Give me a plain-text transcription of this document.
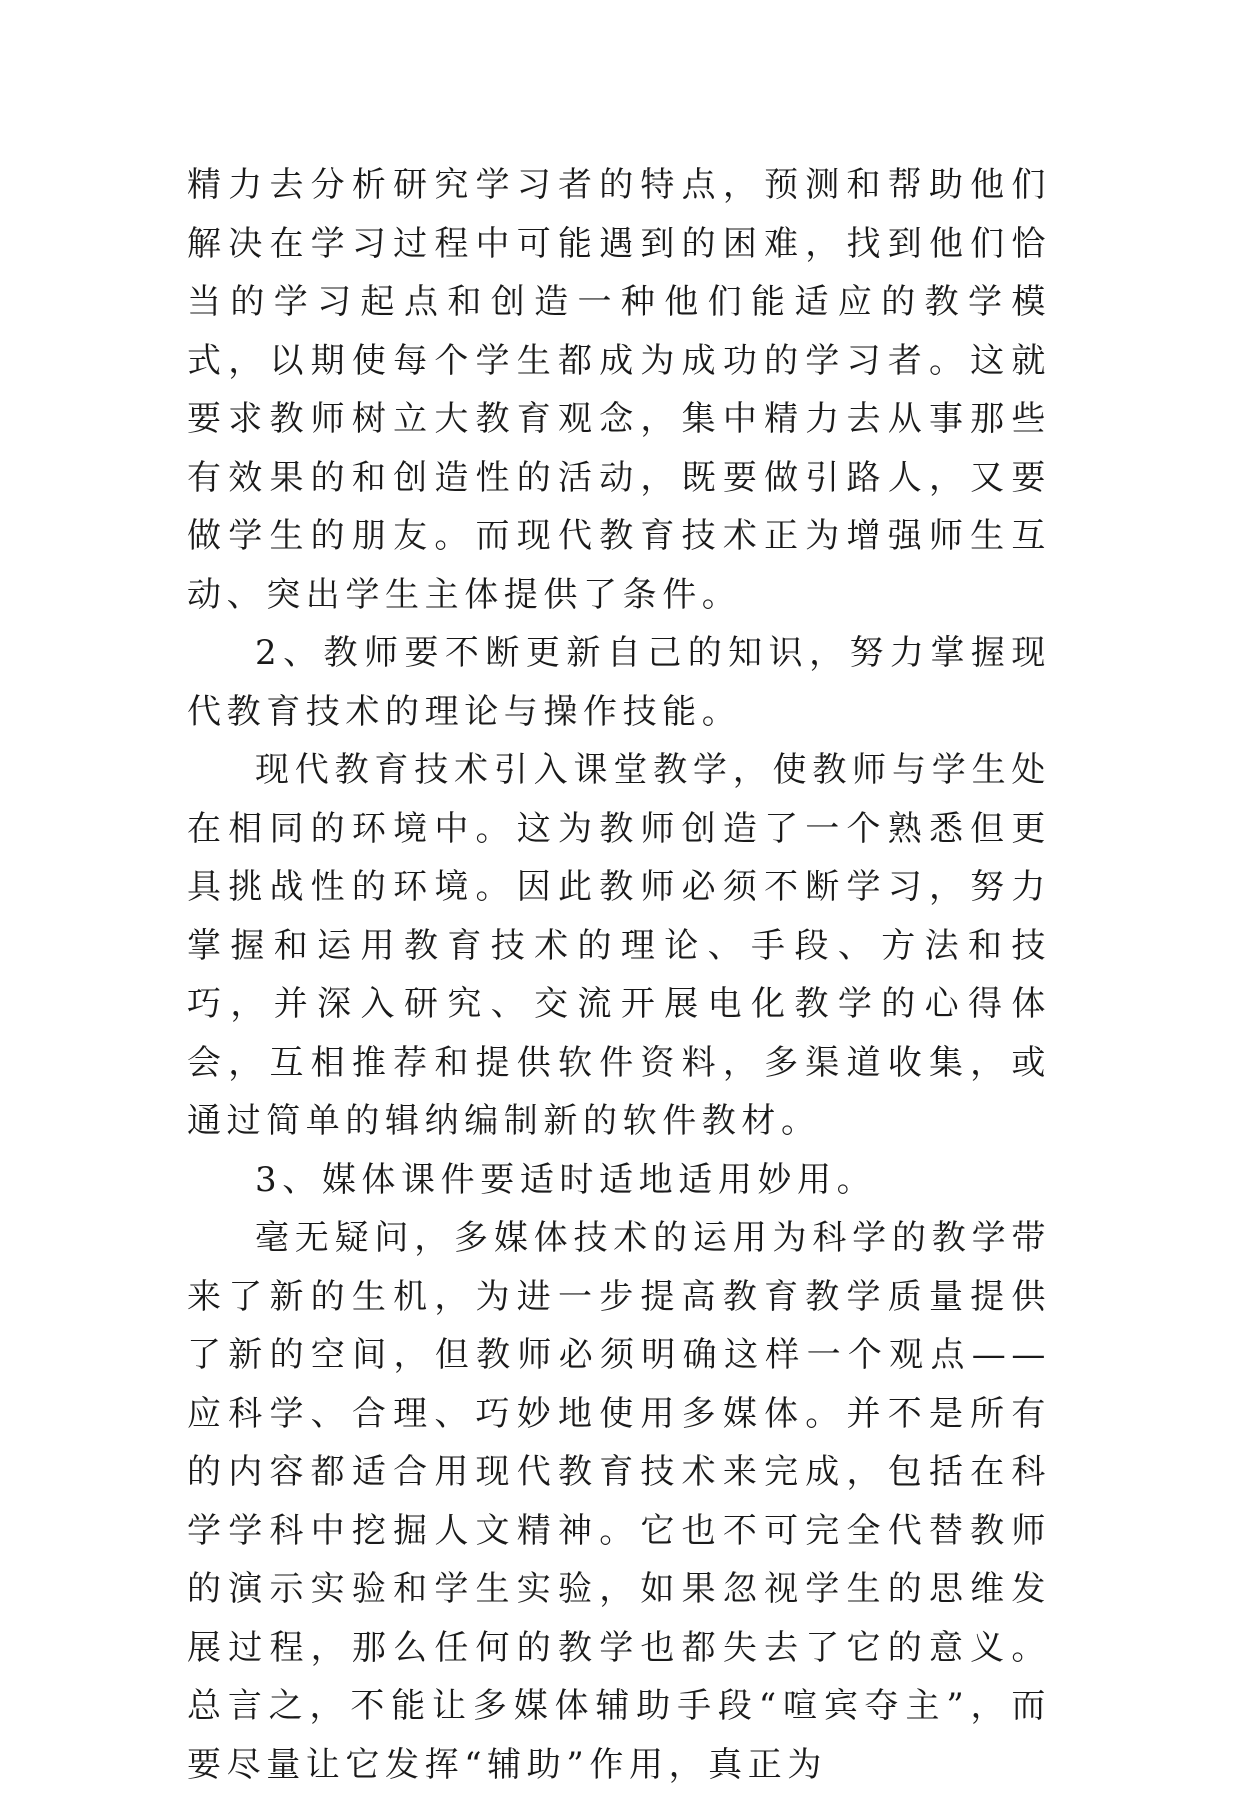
精力去分析研究学习者的特点，预测和帮助他们解决在学习过程中可能遇到的困难，找到他们恰当的学习起点和创造一种他们能适应的教学模式，以期使每个学生都成为成功的学习者。这就要求教师树立大教育观念，集中精力去从事那些有效果的和创造性的活动，既要做引路人，又要做学生的朋友。而现代教育技术正为增强师生互动、突出学生主体提供了条件。

2、教师要不断更新自己的知识，努力掌握现代教育技术的理论与操作技能。

现代教育技术引入课堂教学，使教师与学生处在相同的环境中。这为教师创造了一个熟悉但更具挑战性的环境。因此教师必须不断学习，努力掌握和运用教育技术的理论、手段、方法和技巧，并深入研究、交流开展电化教学的心得体会，互相推荐和提供软件资料，多渠道收集，或通过简单的辑纳编制新的软件教材。

3、媒体课件要适时适地适用妙用。

毫无疑问，多媒体技术的运用为科学的教学带来了新的生机，为进一步提高教育教学质量提供了新的空间，但教师必须明确这样一个观点——应科学、合理、巧妙地使用多媒体。并不是所有的内容都适合用现代教育技术来完成，包括在科学学科中挖掘人文精神。它也不可完全代替教师的演示实验和学生实验，如果忽视学生的思维发展过程，那么任何的教学也都失去了它的意义。总言之，不能让多媒体辅助手段“喧宾夺主”，而要尽量让它发挥“辅助”作用，真正为
